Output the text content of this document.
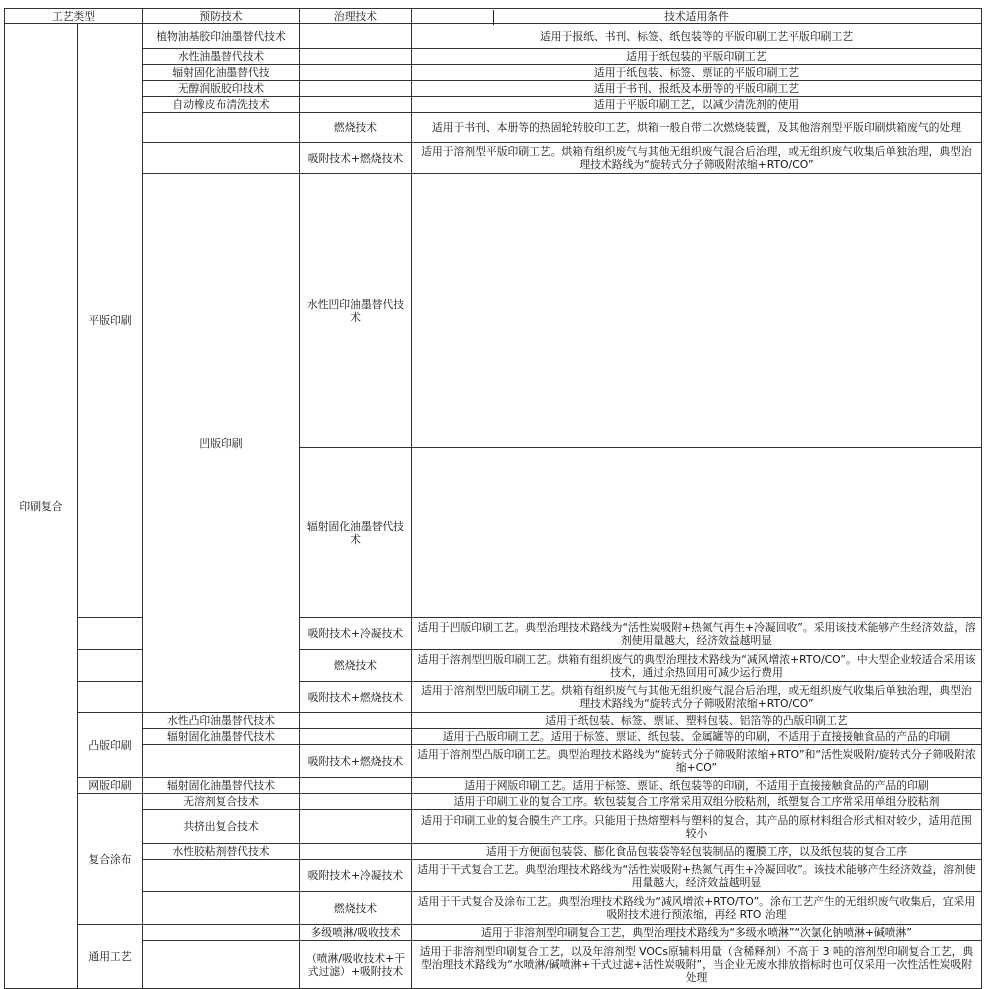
工艺类型		预防技术	治理技术	技术适用条件	
印刷复合	平版印刷	植物油基胶印油墨替代技术		适用于报纸、书刊、标签、纸包装等的平版印刷工艺平版印刷工艺	
		水性油墨替代技术		适用于纸包装的平版印刷工艺	
		辐射固化油墨替代技		适用于纸包装、标签、票证的平版印刷工艺	
		无醇润版胶印技术		适用于书刊、报纸及本册等的平版印刷工艺	
		自动橡皮布清洗技术		适用于平版印刷工艺，以减少清洗剂的使用	
			燃烧技术	适用于书刊、本册等的热固轮转胶印工艺，烘箱一般自带二次燃烧装置，及其他溶剂型平版印刷烘箱废气的处理	
			吸附技术+燃烧技术	适用于溶剂型平版印刷工艺。烘箱有组织废气与其他无组织废气混合后治理，或无组织废气收集后单独治理，典型治理技术路线为“旋转式分子筛吸附浓缩+RTO/CO”	
		凹版印刷	水性凹印油墨替代技术		
			辐射固化油墨替代技术		
			吸附技术+冷凝技术	适用于凹版印刷工艺。典型治理技术路线为“活性炭吸附+热氮气再生+冷凝回收”。采用该技术能够产生经济效益，溶剂使用量越大，经济效益越明显	
			燃烧技术	适用于溶剂型凹版印刷工艺。烘箱有组织废气的典型治理技术路线为“减风增浓+RTO/CO”。中大型企业较适合采用该技术，通过余热回用可减少运行费用	
			吸附技术+燃烧技术	适用于溶剂型凹版印刷工艺。烘箱有组织废气与其他无组织废气混合后治理，或无组织废气收集后单独治理，典型治理技术路线为“旋转式分子筛吸附浓缩+RTO/CO”	
	凸版印刷	水性凸印油墨替代技术		适用于纸包装、标签、票证、塑料包装、铝箔等的凸版印刷工艺	
		辐射固化油墨替代技术		适用于凸版印刷工艺。适用于标签、票证、纸包装、金属罐等的印刷，不适用于直接接触食品的产品的印刷	
			吸附技术+燃烧技术	适用于溶剂型凸版印刷工艺。典型治理技术路线为“旋转式分子筛吸附浓缩+RTO”和“活性炭吸附/旋转式分子筛吸附浓缩+CO”	
	网版印刷	辐射固化油墨替代技术		适用于网版印刷工艺。适用于标签、票证、纸包装等的印刷，不适用于直接接触食品的产品的印刷	
	复合涂布	无溶剂复合技术		适用于印刷工业的复合工序。软包装复合工序常采用双组分胶粘剂，纸塑复合工序常采用单组分胶粘剂	
		共挤出复合技术		适用于印刷工业的复合膜生产工序。只能用于热熔塑料与塑料的复合，其产品的原材料组合形式相对较少，适用范围较小	
		水性胶粘剂替代技术		适用于方便面包装袋、膨化食品包装袋等轻包装制品的覆膜工序，以及纸包装的复合工序	
			吸附技术+冷凝技术	适用于干式复合工艺。典型治理技术路线为“活性炭吸附+热氮气再生+冷凝回收”。该技术能够产生经济效益，溶剂使用量越大，经济效益越明显	
			燃烧技术	适用于干式复合及涂布工艺。典型治理技术路线为“减风增浓+RTO/TO”。涂布工艺产生的无组织废气收集后，宜采用吸附技术进行预浓缩，再经 RTO 治理	
	通用工艺		多级喷淋/吸收技术	适用于非溶剂型印刷复合工艺，典型治理技术路线为“多级水喷淋”“次氯化钠喷淋+碱喷淋”	
			（喷淋/吸收技术+干式过滤）+吸附技术	适用于非溶剂型印刷复合工艺，以及年溶剂型 VOCs原辅料用量（含稀释剂）不高于 3 吨的溶剂型印刷复合工艺，典型治理技术路线为“水喷淋/碱喷淋+干式过滤+活性炭吸附”，当企业无废水排放指标时也可仅采用一次性活性炭吸附处理	
